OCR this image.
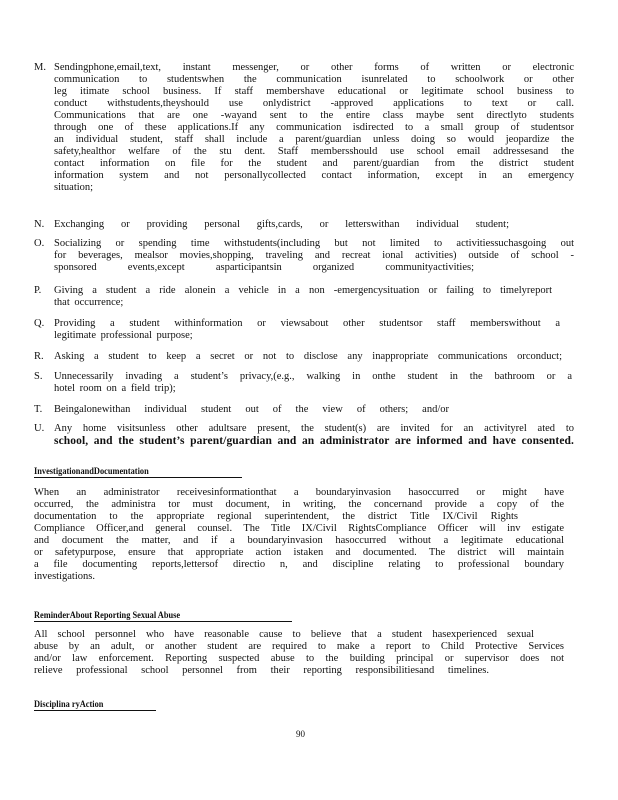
M. Sendingphone,email,text, instant messenger, or other forms of written or electronic
communication to studentswhen the communication isunrelated to schoolwork or other
leg itimate school business. If staff membershave educational or legitimate school business to
conduct withstudents,theyshould use onlydistrict -approved applications to text or call.
Communications that are one -wayand sent to the entire class maybe sent directlyto students
through one of these applications.If any communication isdirected to a small group of studentsor
an individual student, staff shall include a parent/guardian unless doing so would jeopardize the
safety,healthor welfare of the stu dent. Staff membersshould use school email addressesand the
contact information on file for the student and parent/guardian from the district student
information system and not personallycollected contact information, except in an emergency
situation;
N. Exchanging or providing personal gifts,cards, or letterswithan individual student;
O. Socializing or spending time withstudents(including but not limited to activitiessuchasgoing out
for beverages, mealsor movies,shopping, traveling and recreat ional activities) outside of school -
sponsored events,except asparticipantsin organized communityactivities;
P. Giving a student a ride alonein a vehicle in a non -emergencysituation or failing to timelyreport
that occurrence;
Q. Providing a student withinformation or viewsabout other studentsor staff memberswithout a
legitimate professional purpose;
R. Asking a student to keep a secret or not to disclose any inappropriate communications orconduct;
S. Unnecessarily invading a student’s privacy,(e.g., walking in onthe student in the bathroom or a
hotel room on a field trip);
T. Beingalonewithan individual student out of the view of others; and/or
U. Any home visitsunless other adultsare present, the student(s) are invited for an activityrel ated to
school, and the student’s parent/guardian and an administrator are informed and have consented.
InvestigationandDocumentation
When an administrator receivesinformationthat a boundaryinvasion hasoccurred or might have
occurred, the administra tor must document, in writing, the concernand provide a copy of the
documentation to the appropriate regional superintendent, the district Title IX/Civil Rights
Compliance Officer,and general counsel. The Title IX/Civil RightsCompliance Officer will inv estigate
and document the matter, and if a boundaryinvasion hasoccurred without a legitimate educational
or safetypurpose, ensure that appropriate action istaken and documented. The district will maintain
a file documenting reports,lettersof directio n, and discipline relating to professional boundary
investigations.
ReminderAbout Reporting Sexual Abuse
All school personnel who have reasonable cause to believe that a student hasexperienced sexual
abuse by an adult, or another student are required to make a report to Child Protective Services
and/or law enforcement. Reporting suspected abuse to the building principal or supervisor does not
relieve professional school personnel from their reporting responsibilitiesand timelines.
Disciplina ryAction
90
